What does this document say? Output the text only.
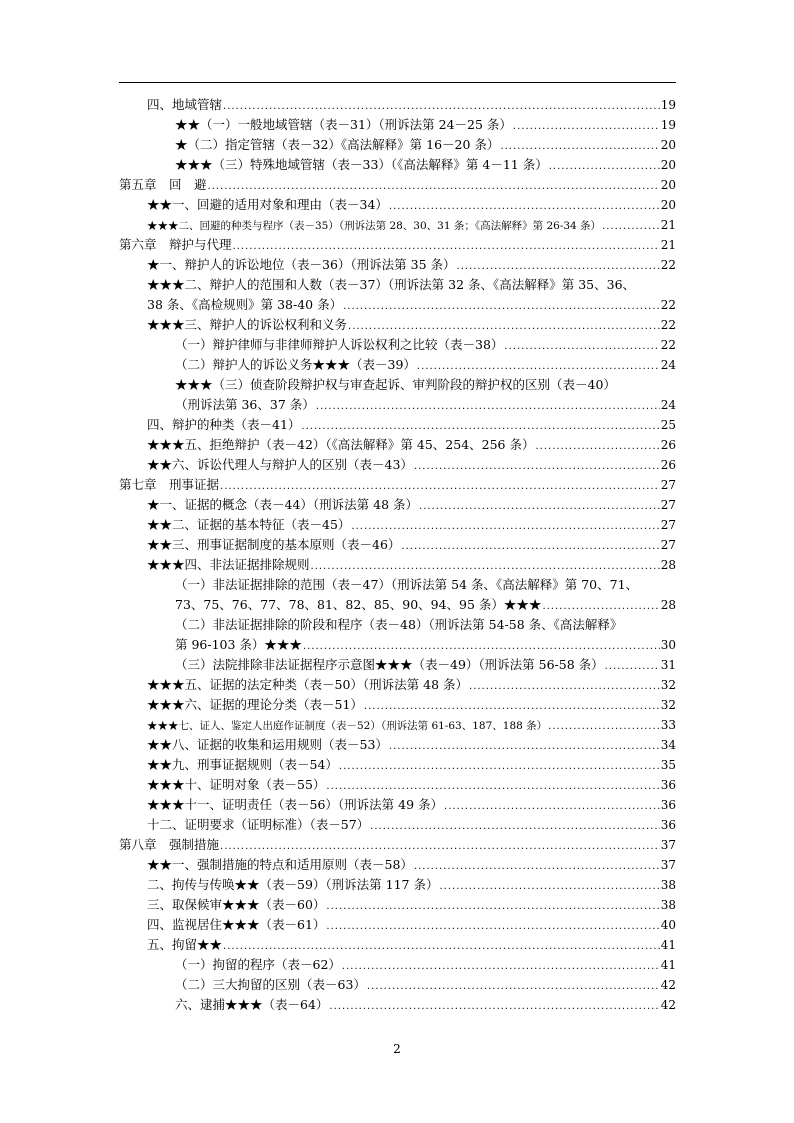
四、地域管辖 .....	19
★★（一）一般地域管辖（表－31）（刑诉法第 24－25 条） .....	19
★（二）指定管辖（表－32）《高法解释》第 16－20 条） .....	20
★★★（三）特殊地域管辖（表－33）（《高法解释》第 4－11 条） .....	20
第五章　回　避 .....	20
★★一、回避的适用对象和理由（表－34） .....	20
★★★二、回避的种类与程序（表－35）（刑诉法第 28、30、31 条；《高法解释》第 26-34 条） .....	21
第六章　辩护与代理 .....	21
★一、辩护人的诉讼地位（表－36）（刑诉法第 35 条） .....	22
★★★二、辩护人的范围和人数（表－37）（刑诉法第 32 条、《高法解释》第 35、36、
38 条、《高检规则》第 38-40 条） .....	22
★★★三、辩护人的诉讼权利和义务 .....	22
（一）辩护律师与非律师辩护人诉讼权利之比较（表－38） .....	22
（二）辩护人的诉讼义务★★★（表－39） .....	24
★★★（三）侦查阶段辩护权与审查起诉、审判阶段的辩护权的区别（表－40）
（刑诉法第 36、37 条） .....	24
四、辩护的种类（表－41） .....	25
★★★五、拒绝辩护（表－42）（《高法解释》第 45、254、256 条） .....	26
★★六、诉讼代理人与辩护人的区别（表－43） .....	26
第七章　刑事证据 .....	27
★一、证据的概念（表－44）（刑诉法第 48 条） .....	27
★★二、证据的基本特征（表－45） .....	27
★★三、刑事证据制度的基本原则（表－46） .....	27
★★★四、非法证据排除规则 .....	28
（一）非法证据排除的范围（表－47）（刑诉法第 54 条、《高法解释》第 70、71、
73、75、76、77、78、81、82、85、90、94、95 条）★★★ .....	28
（二）非法证据排除的阶段和程序（表－48）（刑诉法第 54-58 条、《高法解释》
第 96-103 条）★★★ .....	30
（三）法院排除非法证据程序示意图★★★（表－49）（刑诉法第 56-58 条） .....	31
★★★五、证据的法定种类（表－50）（刑诉法第 48 条） .....	32
★★★六、证据的理论分类（表－51） .....	32
★★★七、证人、鉴定人出庭作证制度（表－52）（刑诉法第 61-63、187、188 条） .....	33
★★八、证据的收集和运用规则（表－53） .....	34
★★九、刑事证据规则（表－54） .....	35
★★★十、证明对象（表－55） .....	36
★★★十一、证明责任（表－56）（刑诉法第 49 条） .....	36
十二、证明要求（证明标准）（表－57） .....	36
第八章　强制措施 .....	37
★★一、强制措施的特点和适用原则（表－58） .....	37
二、拘传与传唤★★（表－59）（刑诉法第 117 条） .....	38
三、取保候审★★★（表－60） .....	38
四、监视居住★★★（表－61） .....	40
五、拘留★★ .....	41
（一）拘留的程序（表－62） .....	41
（二）三大拘留的区别（表－63） .....	42
六、逮捕★★★（表－64） .....	42
2
